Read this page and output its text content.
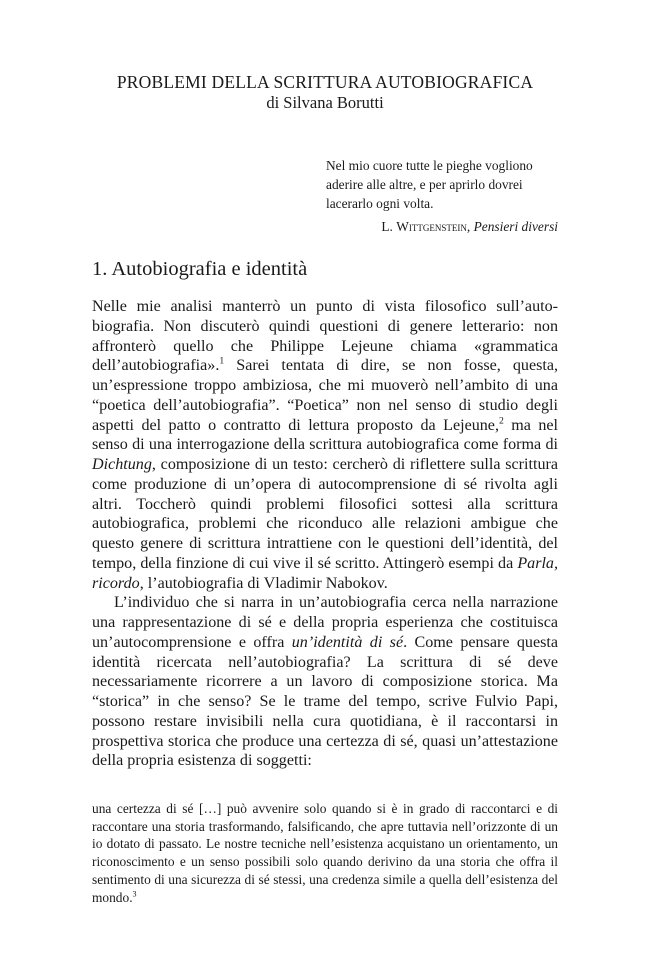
PROBLEMI DELLA SCRITTURA AUTOBIOGRAFICA
di Silvana Borutti
Nel mio cuore tutte le pieghe vogliono aderire alle altre, e per aprirlo dovrei lacerarlo ogni volta.
L. Wittgenstein, Pensieri diversi
1. Autobiografia e identità

Nelle mie analisi manterrò un punto di vista filosofico sull’autobiografia. Non discuterò quindi questioni di genere letterario: non affronterò quello che Philippe Lejeune chiama «grammatica dell’autobiografia».$^1$ Sarei tentata di dire, se non fosse, questa, un’espressione troppo ambiziosa, che mi muoverò nell’ambito di una “poetica dell’autobiografia”. “Poetica” non nel senso di studio degli aspetti del patto o contratto di lettura proposto da Lejeune,$^2$ ma nel senso di una interrogazione della scrittura autobiografica come forma di Dichtung, composizione di un testo: cercherò di riflettere sulla scrittura come produzione di un’opera di autocomprensione di sé rivolta agli altri. Toccherò quindi problemi filosofici sottesi alla scrittura autobiografica, problemi che riconduco alle relazioni ambigue che questo genere di scrittura intrattiene con le questioni dell’identità, del tempo, della finzione di cui vive il sé scritto. Attingerò esempi da Parla, ricordo, l’autobiografia di Vladimir Nabokov.

L’individuo che si narra in un’autobiografia cerca nella narrazione una rappresentazione di sé e della propria esperienza che costituisca un’autocomprensione e offra un’identità di sé. Come pensare questa identità ricercata nell’autobiografia? La scrittura di sé deve necessariamente ricorrere a un lavoro di composizione storica. Ma “storica” in che senso? Se le trame del tempo, scrive Fulvio Papi, possono restare invisibili nella cura quotidiana, è il raccontarsi in prospettiva storica che produce una certezza di sé, quasi un’attestazione della propria esistenza di soggetti:

una certezza di sé […] può avvenire solo quando si è in grado di raccontarci e di raccontare una storia trasformando, falsificando, che apre tuttavia nell’orizzonte di un io dotato di passato. Le nostre tecniche nell’esistenza acquistano un orientamento, un riconoscimento e un senso possibili solo quando derivino da una storia che offra il sentimento di una sicurezza di sé stessi, una credenza simile a quella dell’esistenza del mondo.$^3$
